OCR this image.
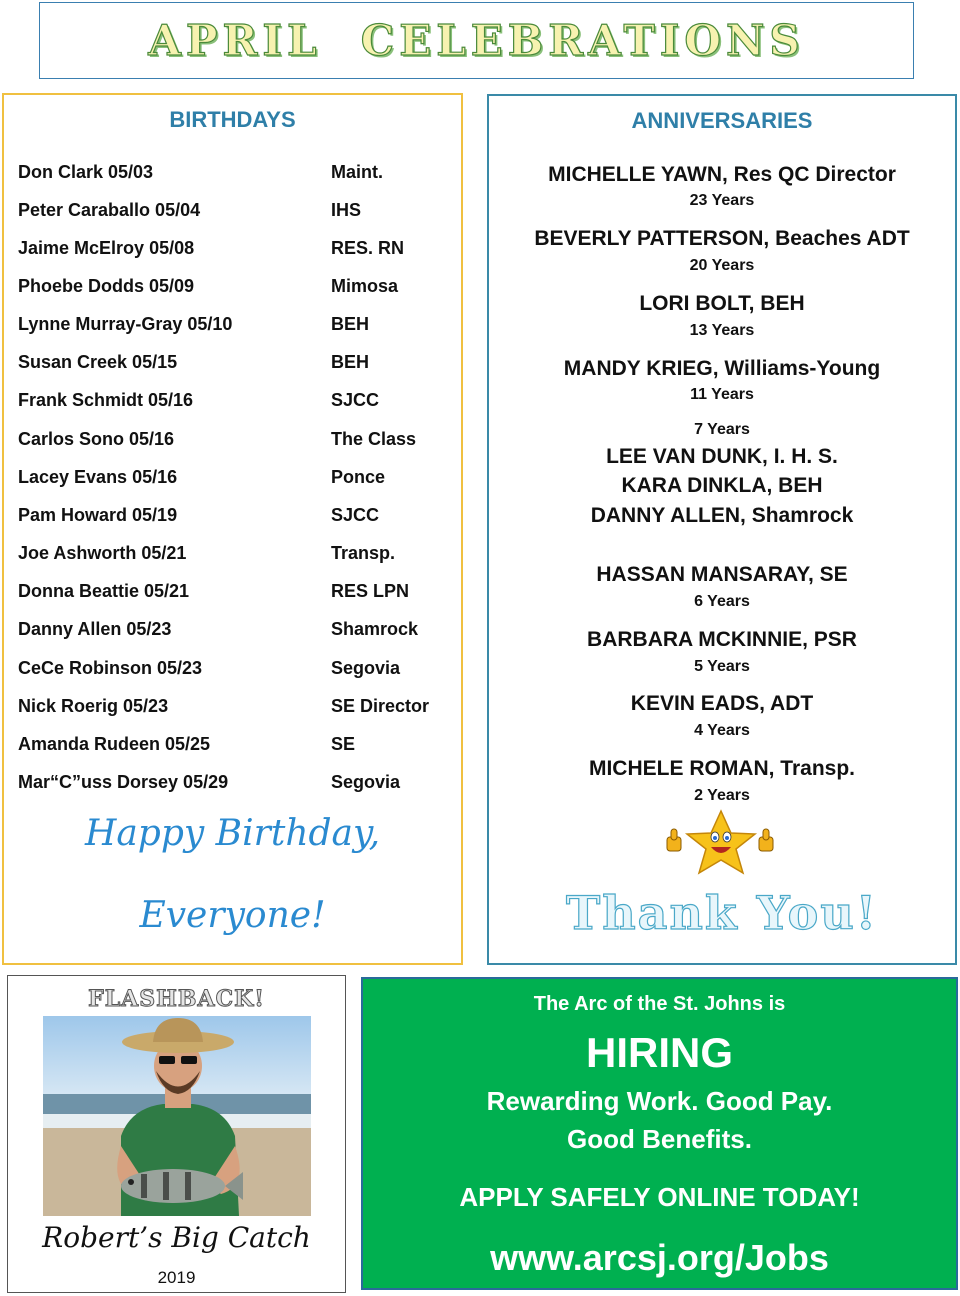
APRIL  CELEBRATIONS
BIRTHDAYS
Don Clark 05/03	Maint.
Peter Caraballo 05/04	IHS
Jaime McElroy 05/08	RES. RN
Phoebe Dodds 05/09	Mimosa
Lynne Murray-Gray 05/10	BEH
Susan Creek 05/15	BEH
Frank Schmidt 05/16	SJCC
Carlos Sono 05/16	The Class
Lacey Evans 05/16	Ponce
Pam Howard 05/19	SJCC
Joe Ashworth 05/21	Transp.
Donna Beattie 05/21	RES LPN
Danny Allen 05/23	Shamrock
CeCe Robinson 05/23	Segovia
Nick Roerig 05/23	SE Director
Amanda Rudeen 05/25	SE
Mar“C”uss Dorsey 05/29	Segovia
Happy Birthday,
Everyone!
ANNIVERSARIES
MICHELLE YAWN, Res QC Director
23 Years
BEVERLY PATTERSON, Beaches ADT
20 Years
LORI BOLT, BEH
13 Years
MANDY KRIEG, Williams-Young
11 Years
7 Years
LEE VAN DUNK, I. H. S.
KARA DINKLA, BEH
DANNY ALLEN, Shamrock
HASSAN MANSARAY, SE
6 Years
BARBARA MCKINNIE, PSR
5 Years
KEVIN EADS, ADT
4 Years
MICHELE ROMAN, Transp.
2 Years
Thank You!
FLASHBACK!
Robert’s Big Catch
2019
The Arc of the St. Johns is
HIRING
Rewarding Work. Good Pay.
Good Benefits.
APPLY SAFELY ONLINE TODAY!
www.arcsj.org/Jobs
